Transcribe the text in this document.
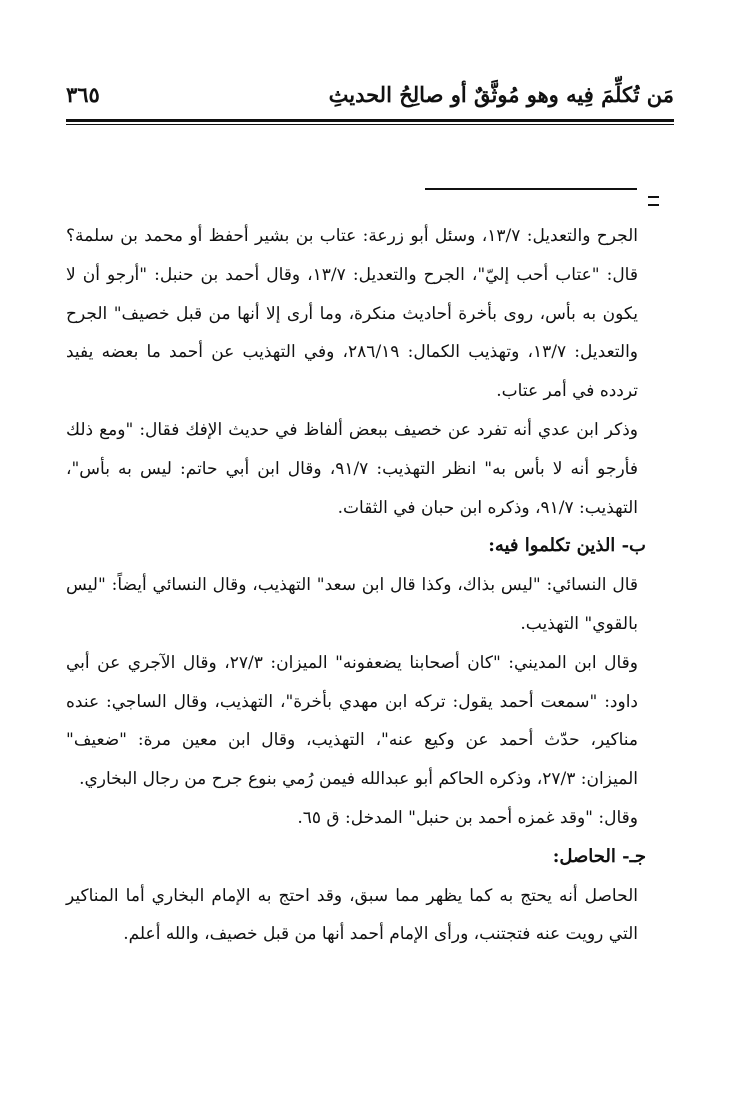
مَن تُكلِّمَ فِيه وهو مُوثَّقٌ أو صالِحُ الحديثِ
٣٦٥

الجرح والتعديل: ١٣/٧، وسئل أبو زرعة: عتاب بن بشير أحفظ أو محمد بن سلمة؟ قال: "عتاب أحب إليّ"، الجرح والتعديل: ١٣/٧، وقال أحمد بن حنبل: "أرجو أن لا يكون به بأس، روى بأخرة أحاديث منكرة، وما أرى إلا أنها من قبل خصيف" الجرح والتعديل: ١٣/٧، وتهذيب الكمال: ٢٨٦/١٩، وفي التهذيب عن أحمد ما بعضه يفيد تردده في أمر عتاب.

وذكر ابن عدي أنه تفرد عن خصيف ببعض ألفاظ في حديث الإفك فقال: "ومع ذلك فأرجو أنه لا بأس به" انظر التهذيب: ٩١/٧، وقال ابن أبي حاتم: ليس به بأس"، التهذيب: ٩١/٧، وذكره ابن حبان في الثقات.

ب- الذين تكلموا فيه:

قال النسائي: "ليس بذاك، وكذا قال ابن سعد" التهذيب، وقال النسائي أيضاً: "ليس بالقوي" التهذيب.

وقال ابن المديني: "كان أصحابنا يضعفونه" الميزان: ٢٧/٣، وقال الآجري عن أبي داود: "سمعت أحمد يقول: تركه ابن مهدي بأخرة"، التهذيب، وقال الساجي: عنده مناكير، حدّث أحمد عن وكيع عنه"، التهذيب، وقال ابن معين مرة: "ضعيف" الميزان: ٢٧/٣، وذكره الحاكم أبو عبدالله فيمن رُمي بنوع جرح من رجال البخاري.

وقال: "وقد غمزه أحمد بن حنبل" المدخل: ق ٦٥.

جـ- الحاصل:

الحاصل أنه يحتج به كما يظهر مما سبق، وقد احتج به الإمام البخاري أما المناكير التي رويت عنه فتجتنب، ورأى الإمام أحمد أنها من قبل خصيف، والله أعلم.
